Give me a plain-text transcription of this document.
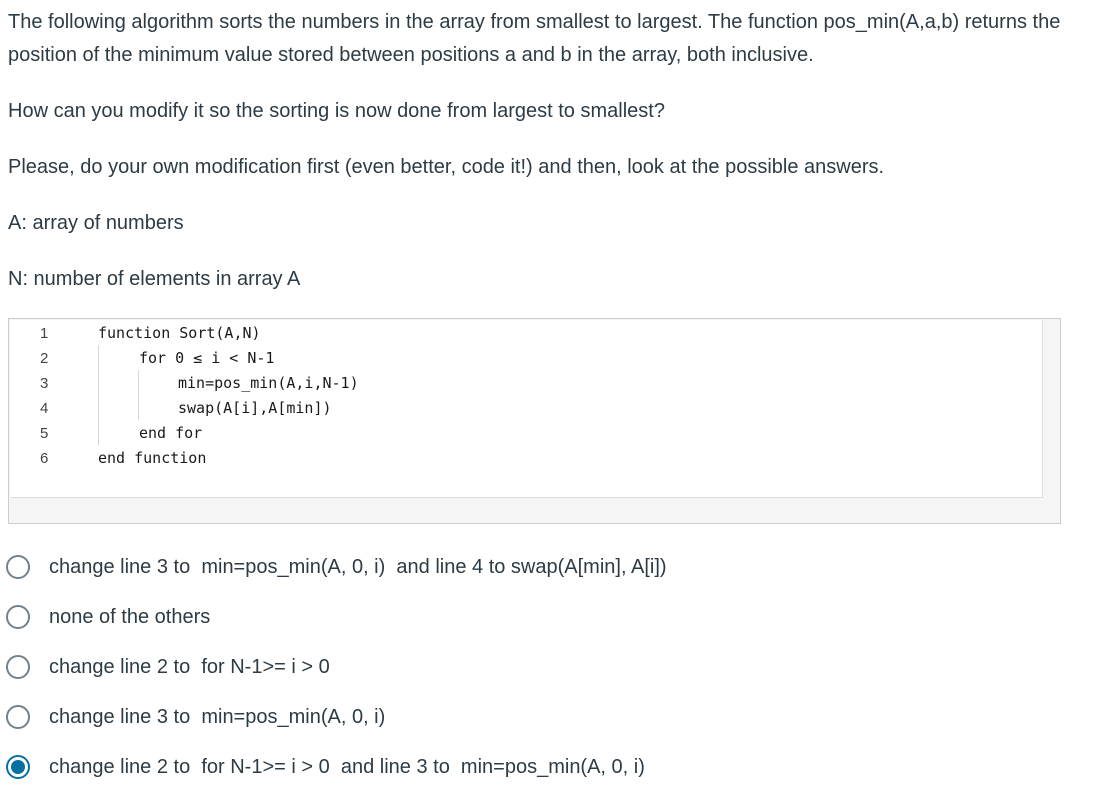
The following algorithm sorts the numbers in the array from smallest to largest. The function pos_min(A,a,b) returns the position of the minimum value stored between positions a and b in the array, both inclusive.

How can you modify it so the sorting is now done from largest to smallest?

Please, do your own modification first (even better, code it!) and then, look at the possible answers.

A: array of numbers

N: number of elements in array A

1	function Sort(A,N)
2	for 0 ≤ i < N-1
3	min=pos_min(A,i,N-1)
4	swap(A[i],A[min])
5	end for
6	end function
change line 3 to  min=pos_min(A, 0, i)  and line 4 to swap(A[min], A[i])
none of the others
change line 2 to  for N-1>= i > 0
change line 3 to  min=pos_min(A, 0, i)
change line 2 to  for N-1>= i > 0  and line 3 to  min=pos_min(A, 0, i)
